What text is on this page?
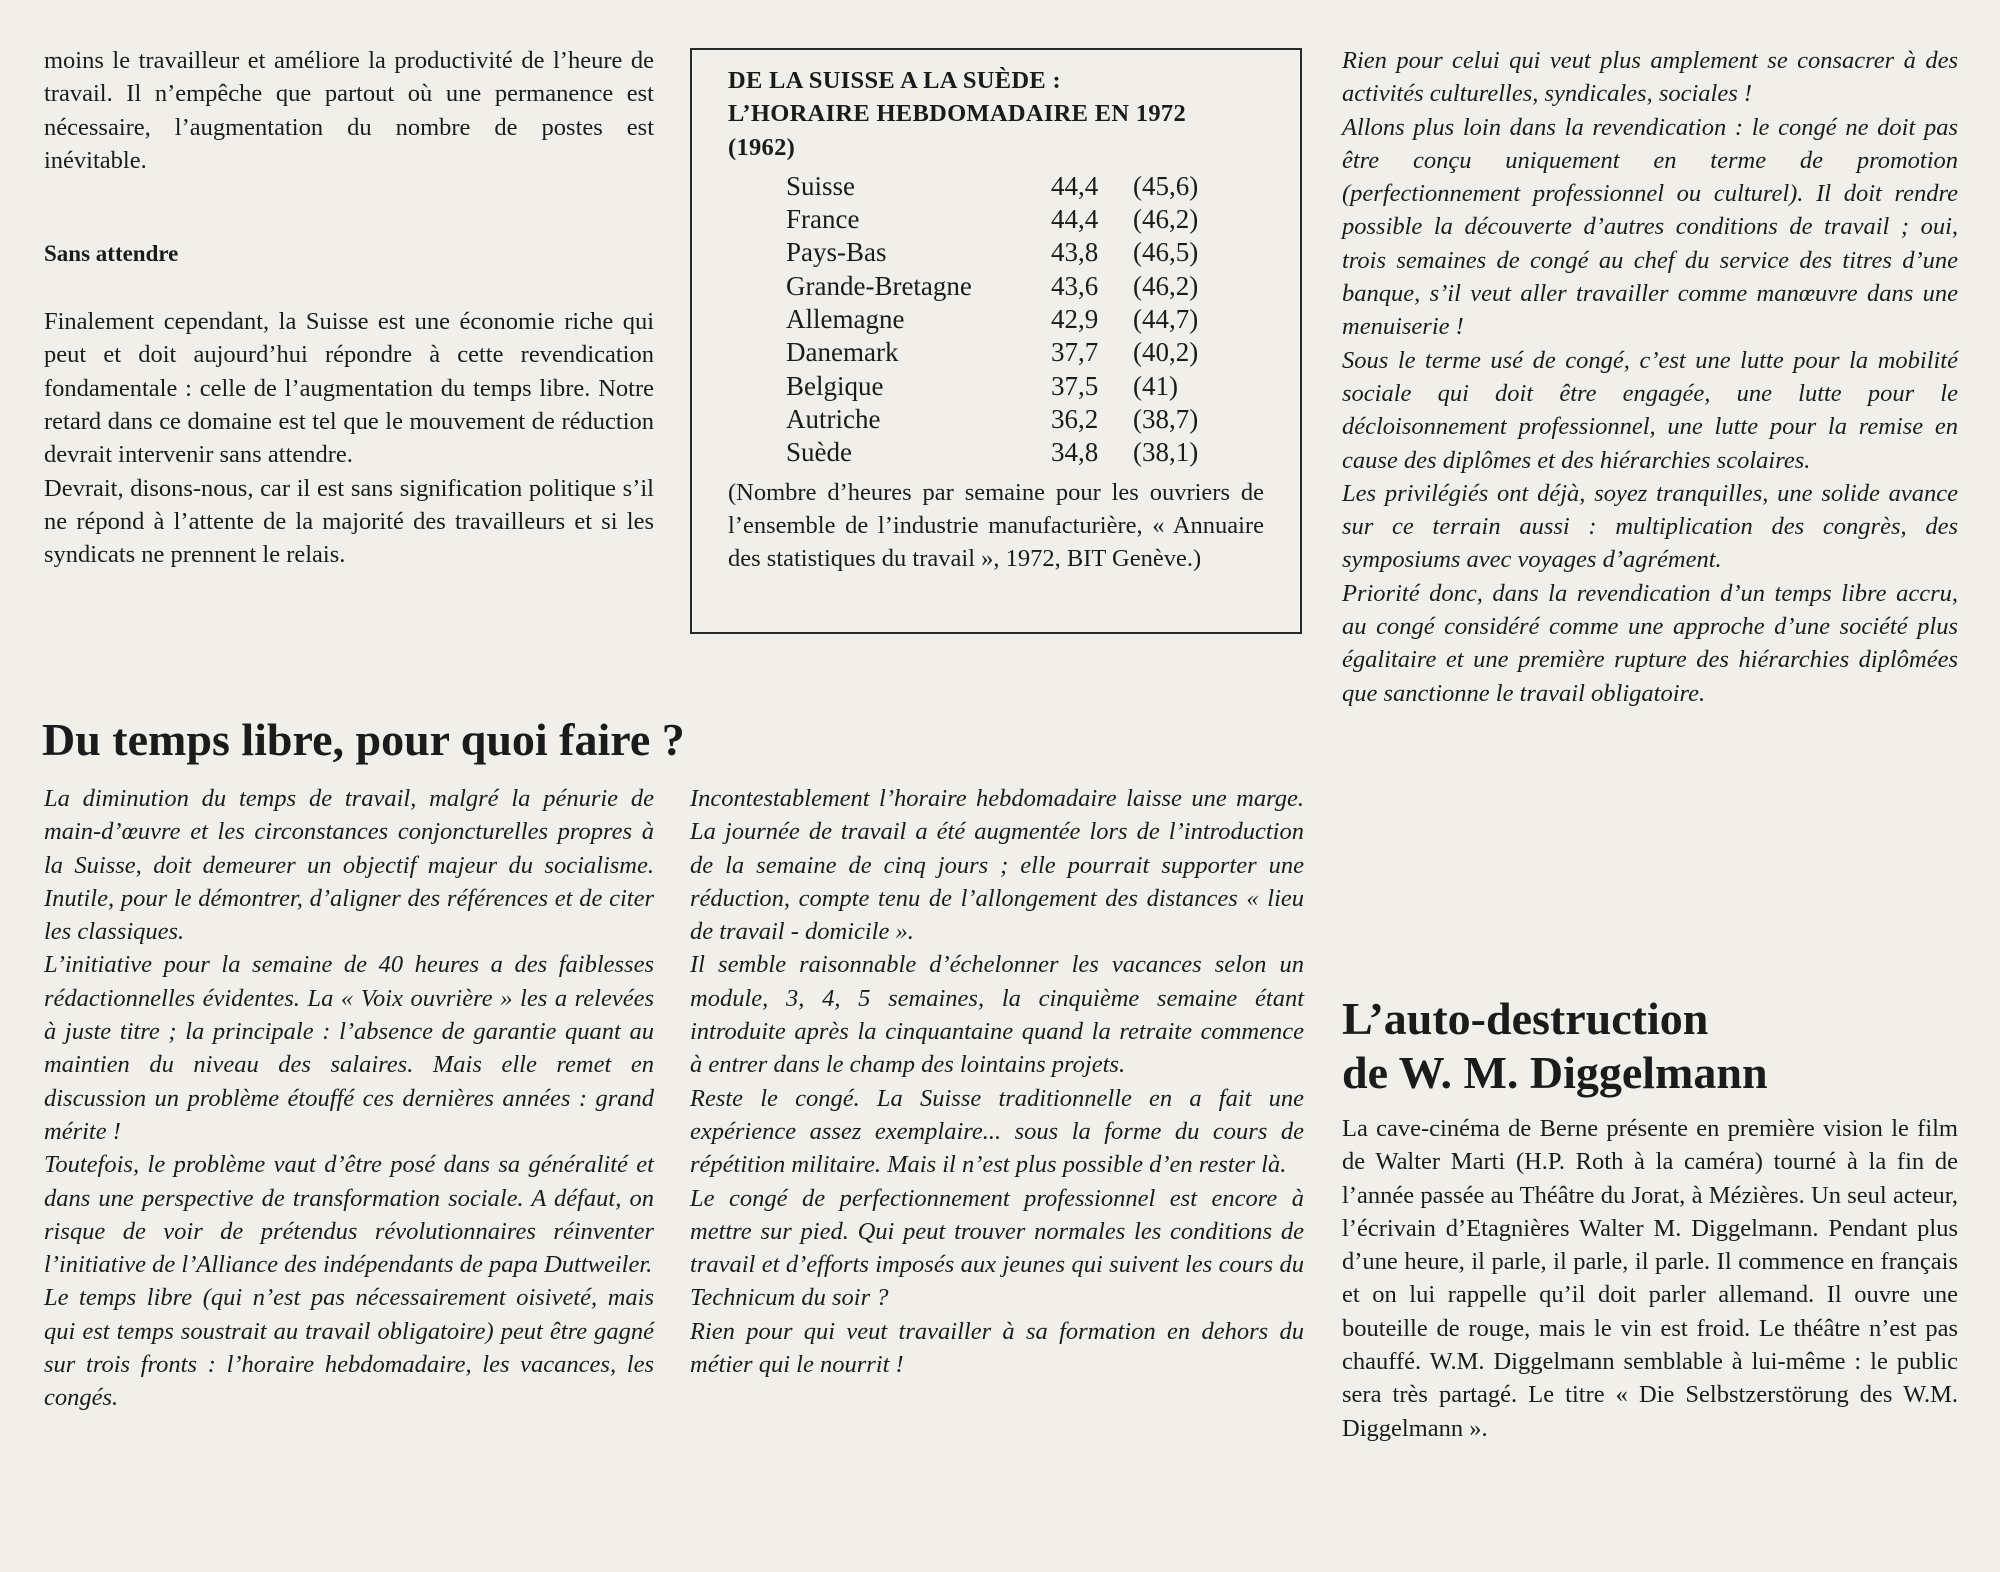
moins le travailleur et améliore la productivité de l’heure de travail. Il n’empêche que partout où une permanence est nécessaire, l’augmentation du nombre de postes est inévitable.
Sans attendre
Finalement cependant, la Suisse est une économie riche qui peut et doit aujourd’hui répondre à cette revendication fondamentale : celle de l’augmentation du temps libre. Notre retard dans ce domaine est tel que le mouvement de réduction devrait intervenir sans attendre.
Devrait, disons-nous, car il est sans signification politique s’il ne répond à l’attente de la majorité des travailleurs et si les syndicats ne prennent le relais.
DE LA SUISSE A LA SUÈDE : L’HORAIRE HEBDOMADAIRE EN 1972 (1962)
Suisse	44,4	(45,6)
France	44,4	(46,2)
Pays-Bas	43,8	(46,5)
Grande-Bretagne	43,6	(46,2)
Allemagne	42,9	(44,7)
Danemark	37,7	(40,2)
Belgique	37,5	(41)
Autriche	36,2	(38,7)
Suède	34,8	(38,1)
(Nombre d’heures par semaine pour les ouvriers de l’ensemble de l’industrie manufacturière, « Annuaire des statistiques du travail », 1972, BIT Genève.)

Rien pour celui qui veut plus amplement se consacrer à des activités culturelles, syndicales, sociales !

Allons plus loin dans la revendication : le congé ne doit pas être conçu uniquement en terme de promotion (perfectionnement professionnel ou culturel). Il doit rendre possible la découverte d’autres conditions de travail ; oui, trois semaines de congé au chef du service des titres d’une banque, s’il veut aller travailler comme manœuvre dans une menuiserie !

Sous le terme usé de congé, c’est une lutte pour la mobilité sociale qui doit être engagée, une lutte pour le décloisonnement professionnel, une lutte pour la remise en cause des diplômes et des hiérarchies scolaires.

Les privilégiés ont déjà, soyez tranquilles, une solide avance sur ce terrain aussi : multiplication des congrès, des symposiums avec voyages d’agrément.

Priorité donc, dans la revendication d’un temps libre accru, au congé considéré comme une approche d’une société plus égalitaire et une première rupture des hiérarchies diplômées que sanctionne le travail obligatoire.

Du temps libre, pour quoi faire ?

La diminution du temps de travail, malgré la pénurie de main-d’œuvre et les circonstances conjoncturelles propres à la Suisse, doit demeurer un objectif majeur du socialisme. Inutile, pour le démontrer, d’aligner des références et de citer les classiques.

L’initiative pour la semaine de 40 heures a des faiblesses rédactionnelles évidentes. La « Voix ouvrière » les a relevées à juste titre ; la principale : l’absence de garantie quant au maintien du niveau des salaires. Mais elle remet en discussion un problème étouffé ces dernières années : grand mérite !

Toutefois, le problème vaut d’être posé dans sa généralité et dans une perspective de transformation sociale. A défaut, on risque de voir de prétendus révolutionnaires réinventer l’initiative de l’Alliance des indépendants de papa Duttweiler.

Le temps libre (qui n’est pas nécessairement oisiveté, mais qui est temps soustrait au travail obligatoire) peut être gagné sur trois fronts : l’horaire hebdomadaire, les vacances, les congés.

Incontestablement l’horaire hebdomadaire laisse une marge. La journée de travail a été augmentée lors de l’introduction de la semaine de cinq jours ; elle pourrait supporter une réduction, compte tenu de l’allongement des distances « lieu de travail - domicile ».

Il semble raisonnable d’échelonner les vacances selon un module, 3, 4, 5 semaines, la cinquième semaine étant introduite après la cinquantaine quand la retraite commence à entrer dans le champ des lointains projets.

Reste le congé. La Suisse traditionnelle en a fait une expérience assez exemplaire... sous la forme du cours de répétition militaire. Mais il n’est plus possible d’en rester là.

Le congé de perfectionnement professionnel est encore à mettre sur pied. Qui peut trouver normales les conditions de travail et d’efforts imposés aux jeunes qui suivent les cours du Technicum du soir ?

Rien pour qui veut travailler à sa formation en dehors du métier qui le nourrit !

L’auto-destruction
de W. M. Diggelmann
La cave-cinéma de Berne présente en première vision le film de Walter Marti (H.P. Roth à la caméra) tourné à la fin de l’année passée au Théâtre du Jorat, à Mézières. Un seul acteur, l’écrivain d’Etagnières Walter M. Diggelmann. Pendant plus d’une heure, il parle, il parle, il parle. Il commence en français et on lui rappelle qu’il doit parler allemand. Il ouvre une bouteille de rouge, mais le vin est froid. Le théâtre n’est pas chauffé. W.M. Diggelmann semblable à lui-même : le public sera très partagé. Le titre « Die Selbstzerstörung des W.M. Diggelmann ».
